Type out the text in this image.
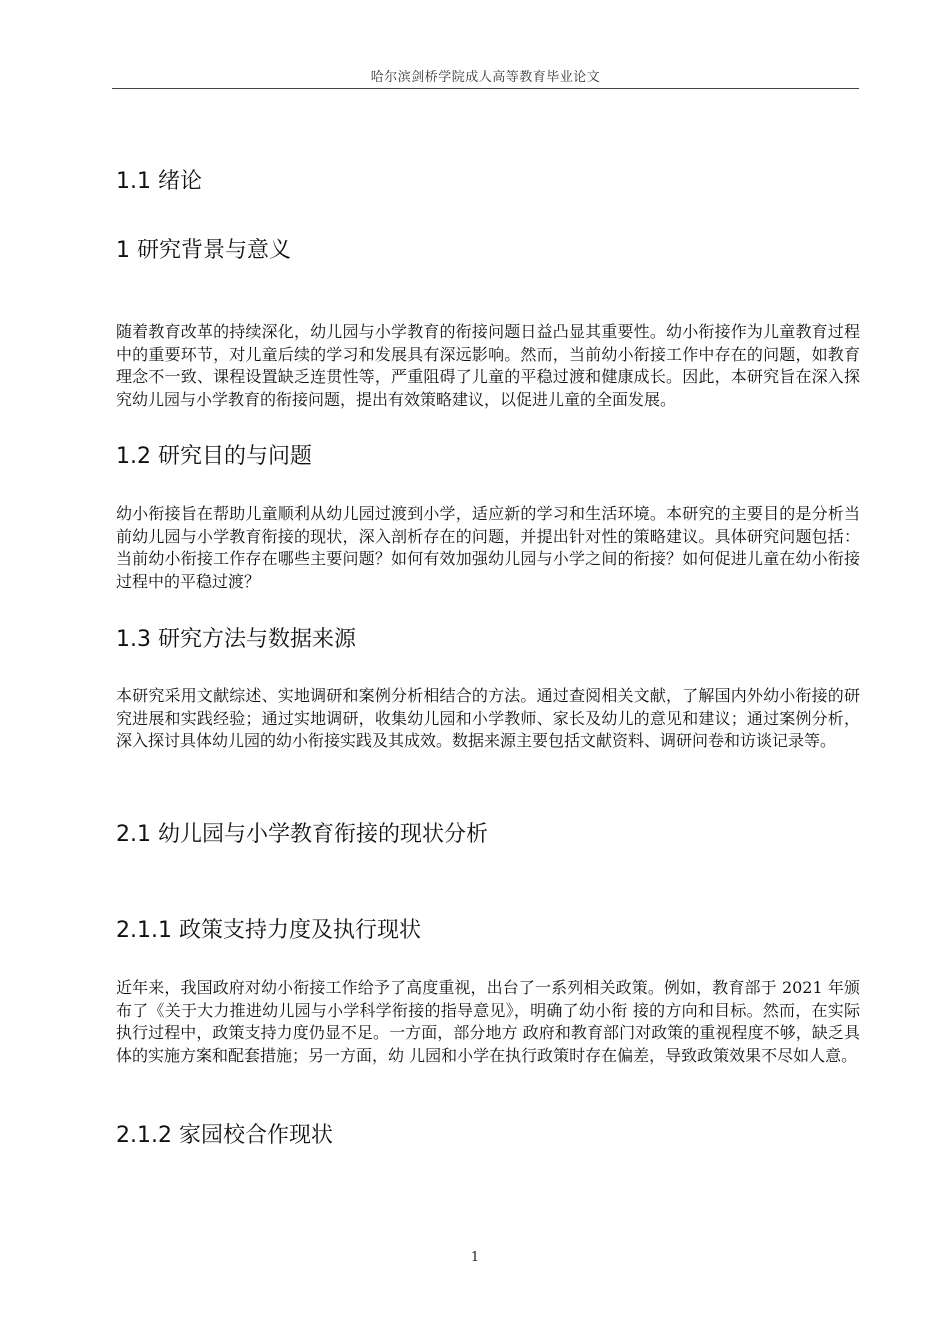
哈尔滨剑桥学院成人高等教育毕业论文
1.1 绪论
1 研究背景与意义
随着教育改革的持续深化，幼儿园与小学教育的衔接问题日益凸显其重要性。幼小衔接作为儿童教育过程中的重要环节，对儿童后续的学习和发展具有深远影响。然而，当前幼小衔接工作中存在的问题，如教育理念不一致、课程设置缺乏连贯性等，严重阻碍了儿童的平稳过渡和健康成长。因此，本研究旨在深入探究幼儿园与小学教育的衔接问题，提出有效策略建议，以促进儿童的全面发展。
1.2 研究目的与问题
幼小衔接旨在帮助儿童顺利从幼儿园过渡到小学，适应新的学习和生活环境。本研究的主要目的是分析当前幼儿园与小学教育衔接的现状，深入剖析存在的问题，并提出针对性的策略建议。具体研究问题包括：当前幼小衔接工作存在哪些主要问题？如何有效加强幼儿园与小学之间的衔接？如何促进儿童在幼小衔接过程中的平稳过渡？
1.3 研究方法与数据来源
本研究采用文献综述、实地调研和案例分析相结合的方法。通过查阅相关文献，了解国内外幼小衔接的研究进展和实践经验；通过实地调研，收集幼儿园和小学教师、家长及幼儿的意见和建议；通过案例分析，深入探讨具体幼儿园的幼小衔接实践及其成效。数据来源主要包括文献资料、调研问卷和访谈记录等。
2.1 幼儿园与小学教育衔接的现状分析
2.1.1 政策支持力度及执行现状
近年来，我国政府对幼小衔接工作给予了高度重视，出台了一系列相关政策。例如，教育部于 2021 年颁布了《关于大力推进幼儿园与小学科学衔接的指导意见》，明确了幼小衔 接的方向和目标。然而，在实际执行过程中，政策支持力度仍显不足。一方面，部分地方 政府和教育部门对政策的重视程度不够，缺乏具体的实施方案和配套措施；另一方面，幼 儿园和小学在执行政策时存在偏差，导致政策效果不尽如人意。
2.1.2 家园校合作现状
1
